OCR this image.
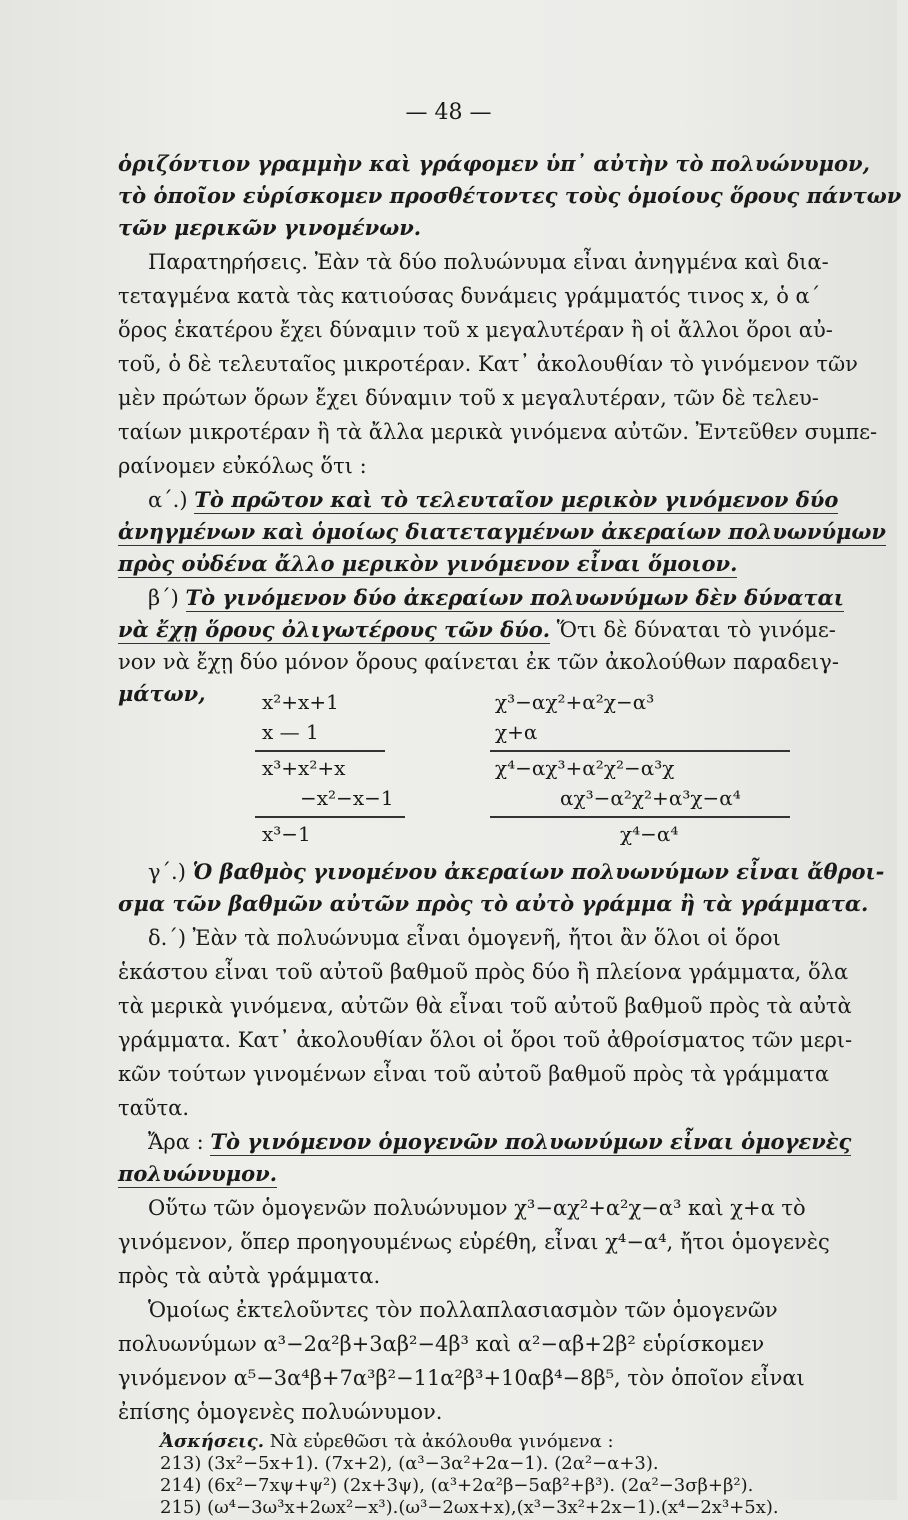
— 48 —
ὁριζόντιον γραμμὴν καὶ γράφομεν ὑπ᾽ αὐτὴν τὸ πολυώνυμον,
τὸ ὁποῖον εὑρίσκομεν προσθέτοντες τοὺς ὁμοίους ὅρους πάντων
τῶν μερικῶν γινομένων.
Παρατηρήσεις. Ἐὰν τὰ δύο πολυώνυμα εἶναι ἀνηγμένα καὶ δια-
τεταγμένα κατὰ τὰς κατιούσας δυνάμεις γράμματός τινος x, ὁ α΄
ὅρος ἑκατέρου ἔχει δύναμιν τοῦ x μεγαλυτέραν ἢ οἱ ἄλλοι ὅροι αὐ-
τοῦ, ὁ δὲ τελευταῖος μικροτέραν. Κατ᾽ ἀκολουθίαν τὸ γινόμενον τῶν
μὲν πρώτων ὅρων ἔχει δύναμιν τοῦ x μεγαλυτέραν, τῶν δὲ τελευ-
ταίων μικροτέραν ἢ τὰ ἄλλα μερικὰ γινόμενα αὐτῶν. Ἐντεῦθεν συμπε-
ραίνομεν εὐκόλως ὅτι :
α΄.) Τὸ πρῶτον καὶ τὸ τελευταῖον μερικὸν γινόμενον δύο
ἀνηγμένων καὶ ὁμοίως διατεταγμένων ἀκεραίων πολυωνύμων
πρὸς οὐδένα ἄλλο μερικὸν γινόμενον εἶναι ὅμοιον.
β΄) Τὸ γινόμενον δύο ἀκεραίων πολυωνύμων δὲν δύναται
νὰ ἔχῃ ὅρους ὀλιγωτέρους τῶν δύο. Ὅτι δὲ δύναται τὸ γινόμε-
νον νὰ ἔχῃ δύο μόνον ὅρους φαίνεται ἐκ τῶν ἀκολούθων παραδειγ-
μάτων,	x²+x+1
x — 1
x³+x²+x
−x²−x−1
x³−1
χ³−αχ²+α²χ−α³
χ+α
χ⁴−αχ³+α²χ²−α³χ
αχ³−α²χ²+α³χ−α⁴
χ⁴−α⁴
γ΄.) Ὁ βαθμὸς γινομένου ἀκεραίων πολυωνύμων εἶναι ἄθροι-
σμα τῶν βαθμῶν αὐτῶν πρὸς τὸ αὐτὸ γράμμα ἢ τὰ γράμματα.
δ.΄) Ἐὰν τὰ πολυώνυμα εἶναι ὁμογενῆ, ἤτοι ἂν ὅλοι οἱ ὅροι
ἑκάστου εἶναι τοῦ αὐτοῦ βαθμοῦ πρὸς δύο ἢ πλείονα γράμματα, ὅλα
τὰ μερικὰ γινόμενα, αὐτῶν θὰ εἶναι τοῦ αὐτοῦ βαθμοῦ πρὸς τὰ αὐτὰ
γράμματα. Κατ᾽ ἀκολουθίαν ὅλοι οἱ ὅροι τοῦ ἀθροίσματος τῶν μερι-
κῶν τούτων γινομένων εἶναι τοῦ αὐτοῦ βαθμοῦ πρὸς τὰ γράμματα
ταῦτα.
Ἄρα : Τὸ γινόμενον ὁμογενῶν πολυωνύμων εἶναι ὁμογενὲς
πολυώνυμον.
Οὕτω τῶν ὁμογενῶν πολυώνυμον χ³−αχ²+α²χ−α³ καὶ χ+α τὸ
γινόμενον, ὅπερ προηγουμένως εὑρέθη, εἶναι χ⁴−α⁴, ἤτοι ὁμογενὲς
πρὸς τὰ αὐτὰ γράμματα.
Ὁμοίως ἐκτελοῦντες τὸν πολλαπλασιασμὸν τῶν ὁμογενῶν
πολυωνύμων α³−2α²β+3αβ²−4β³ καὶ α²−αβ+2β² εὑρίσκομεν
γινόμενον α⁵−3α⁴β+7α³β²−11α²β³+10αβ⁴−8β⁵, τὸν ὁποῖον εἶναι
ἐπίσης ὁμογενὲς πολυώνυμον.
Ἀσκήσεις. Νὰ εὑρεθῶσι τὰ ἀκόλουθα γινόμενα :
213) (3x²−5x+1). (7x+2), (α³−3α²+2α−1). (2α²−α+3).
214) (6x²−7xψ+ψ²) (2x+3ψ), (α³+2α²β−5αβ²+β³). (2α²−3σβ+β²).
215) (ω⁴−3ω³x+2ωx²−x³).(ω³−2ωx+x),(x³−3x²+2x−1).(x⁴−2x³+5x).
